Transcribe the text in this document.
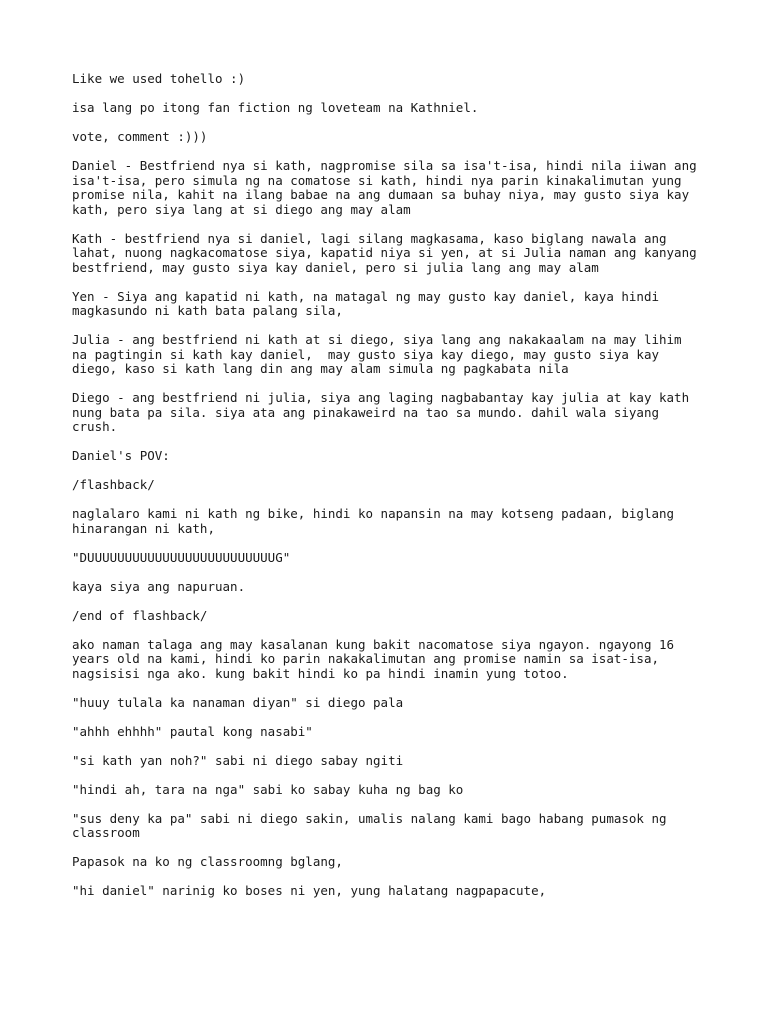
Like we used tohello :)

isa lang po itong fan fiction ng loveteam na Kathniel.

vote, comment :)))

Daniel - Bestfriend nya si kath, nagpromise sila sa isa't-isa, hindi nila iiwan ang
isa't-isa, pero simula ng na comatose si kath, hindi nya parin kinakalimutan yung
promise nila, kahit na ilang babae na ang dumaan sa buhay niya, may gusto siya kay
kath, pero siya lang at si diego ang may alam

Kath - bestfriend nya si daniel, lagi silang magkasama, kaso biglang nawala ang
lahat, nuong nagkacomatose siya, kapatid niya si yen, at si Julia naman ang kanyang
bestfriend, may gusto siya kay daniel, pero si julia lang ang may alam

Yen - Siya ang kapatid ni kath, na matagal ng may gusto kay daniel, kaya hindi
magkasundo ni kath bata palang sila,

Julia - ang bestfriend ni kath at si diego, siya lang ang nakakaalam na may lihim
na pagtingin si kath kay daniel,  may gusto siya kay diego, may gusto siya kay
diego, kaso si kath lang din ang may alam simula ng pagkabata nila

Diego - ang bestfriend ni julia, siya ang laging nagbabantay kay julia at kay kath
nung bata pa sila. siya ata ang pinakaweird na tao sa mundo. dahil wala siyang
crush.

Daniel's POV:

/flashback/

naglalaro kami ni kath ng bike, hindi ko napansin na may kotseng padaan, biglang
hinarangan ni kath,

"DUUUUUUUUUUUUUUUUUUUUUUUUUG"

kaya siya ang napuruan.

/end of flashback/

ako naman talaga ang may kasalanan kung bakit nacomatose siya ngayon. ngayong 16
years old na kami, hindi ko parin nakakalimutan ang promise namin sa isat-isa,
nagsisisi nga ako. kung bakit hindi ko pa hindi inamin yung totoo.

"huuy tulala ka nanaman diyan" si diego pala

"ahhh ehhhh" pautal kong nasabi"

"si kath yan noh?" sabi ni diego sabay ngiti

"hindi ah, tara na nga" sabi ko sabay kuha ng bag ko

"sus deny ka pa" sabi ni diego sakin, umalis nalang kami bago habang pumasok ng
classroom

Papasok na ko ng classroomng bglang,

"hi daniel" narinig ko boses ni yen, yung halatang nagpapacute,
